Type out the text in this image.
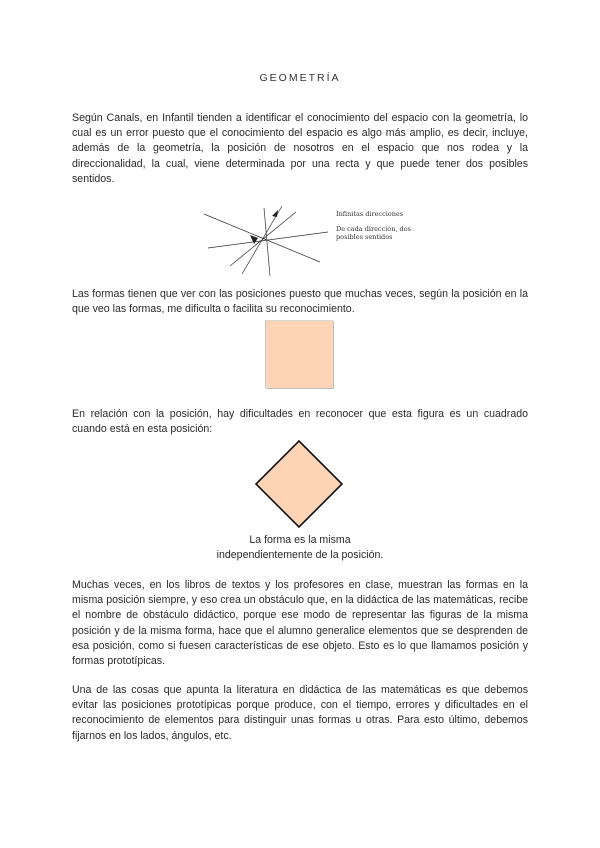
GEOMETRÍA

Según Canals, en Infantil tienden a identificar el conocimiento del espacio con la geometría, lo cual es un error puesto que el conocimiento del espacio es algo más amplio, es decir, incluye, además de la geometría, la posición de nosotros en el espacio que nos rodea y la direccionalidad, la cual, viene determinada por una recta y que puede tener dos posibles sentidos.

Infinitas direcciones
De cada dirección, dos
posibles sentidos

Las formas tienen que ver con las posiciones puesto que muchas veces, según la posición en la que veo las formas, me dificulta o facilita su reconocimiento.

En relación con la posición, hay dificultades en reconocer que esta figura es un cuadrado cuando está en esta posición:

La forma es la misma
independientemente de la posición.

Muchas veces, en los libros de textos y los profesores en clase, muestran las formas en la misma posición siempre, y eso crea un obstáculo que, en la didáctica de las matemáticas, recibe el nombre de obstáculo didáctico, porque ese modo de representar las figuras de la misma posición y de la misma forma, hace que el alumno generalice elementos que se desprenden de esa posición, como si fuesen características de ese objeto. Esto es lo que llamamos posición y formas prototípicas.

Una de las cosas que apunta la literatura en didáctica de las matemáticas es que debemos evitar las posiciones prototípicas porque produce, con el tiempo, errores y dificultades en el reconocimiento de elementos para distinguir unas formas u otras. Para esto último, debemos fijarnos en los lados, ángulos, etc.
